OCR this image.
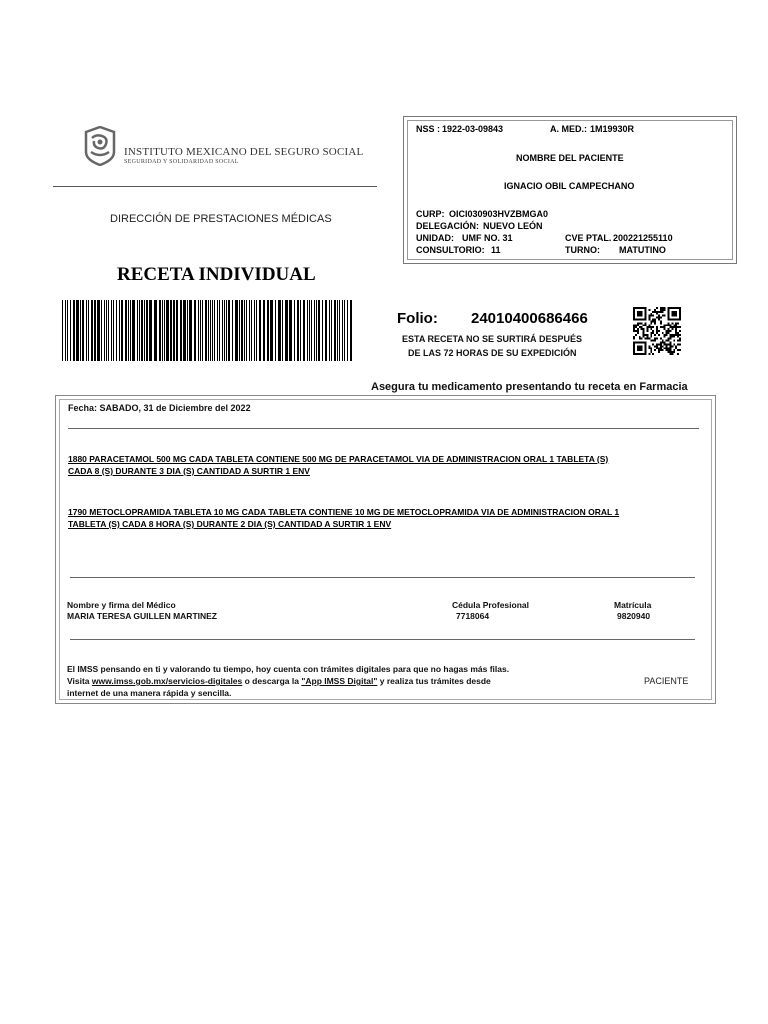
INSTITUTO MEXICANO DEL SEGURO SOCIAL
SEGURIDAD Y SOLIDARIDAD SOCIAL
DIRECCIÓN DE PRESTACIONES MÉDICAS
RECETA INDIVIDUAL
NSS : 1922-03-09843	A. MED.: 1M19930R
NOMBRE DEL PACIENTE
IGNACIO OBIL CAMPECHANO
CURP: OICI030903HVZBMGA0
DELEGACIÓN: NUEVO LEÓN
UNIDAD: UMF NO. 31	CVE PTAL. 200221255110
CONSULTORIO: 11	TURNO: MATUTINO
Folio: 24010400686466
ESTA RECETA NO SE SURTIRÁ DESPUÉS
DE LAS 72 HORAS DE SU EXPEDICIÓN
Asegura tu medicamento presentando tu receta en Farmacia
Fecha: SABADO, 31 de Diciembre del 2022
1880 PARACETAMOL 500 MG CADA TABLETA CONTIENE 500 MG DE PARACETAMOL VIA DE ADMINISTRACION ORAL 1 TABLETA (S)
CADA 8 (S) DURANTE 3 DIA (S) CANTIDAD A SURTIR 1 ENV
1790 METOCLOPRAMIDA TABLETA 10 MG CADA TABLETA CONTIENE 10 MG DE METOCLOPRAMIDA VIA DE ADMINISTRACION ORAL 1
TABLETA (S) CADA 8 HORA (S) DURANTE 2 DIA (S) CANTIDAD A SURTIR 1 ENV
Nombre y firma del Médico
MARIA TERESA GUILLEN MARTINEZ
Cédula Profesional
7718064
Matrícula
9820940
El IMSS pensando en ti y valorando tu tiempo, hoy cuenta con trámites digitales para que no hagas más filas.
Visita www.imss.gob.mx/servicios-digitales o descarga la "App IMSS Digital" y realiza tus trámites desde
internet de una manera rápida y sencilla.
PACIENTE
